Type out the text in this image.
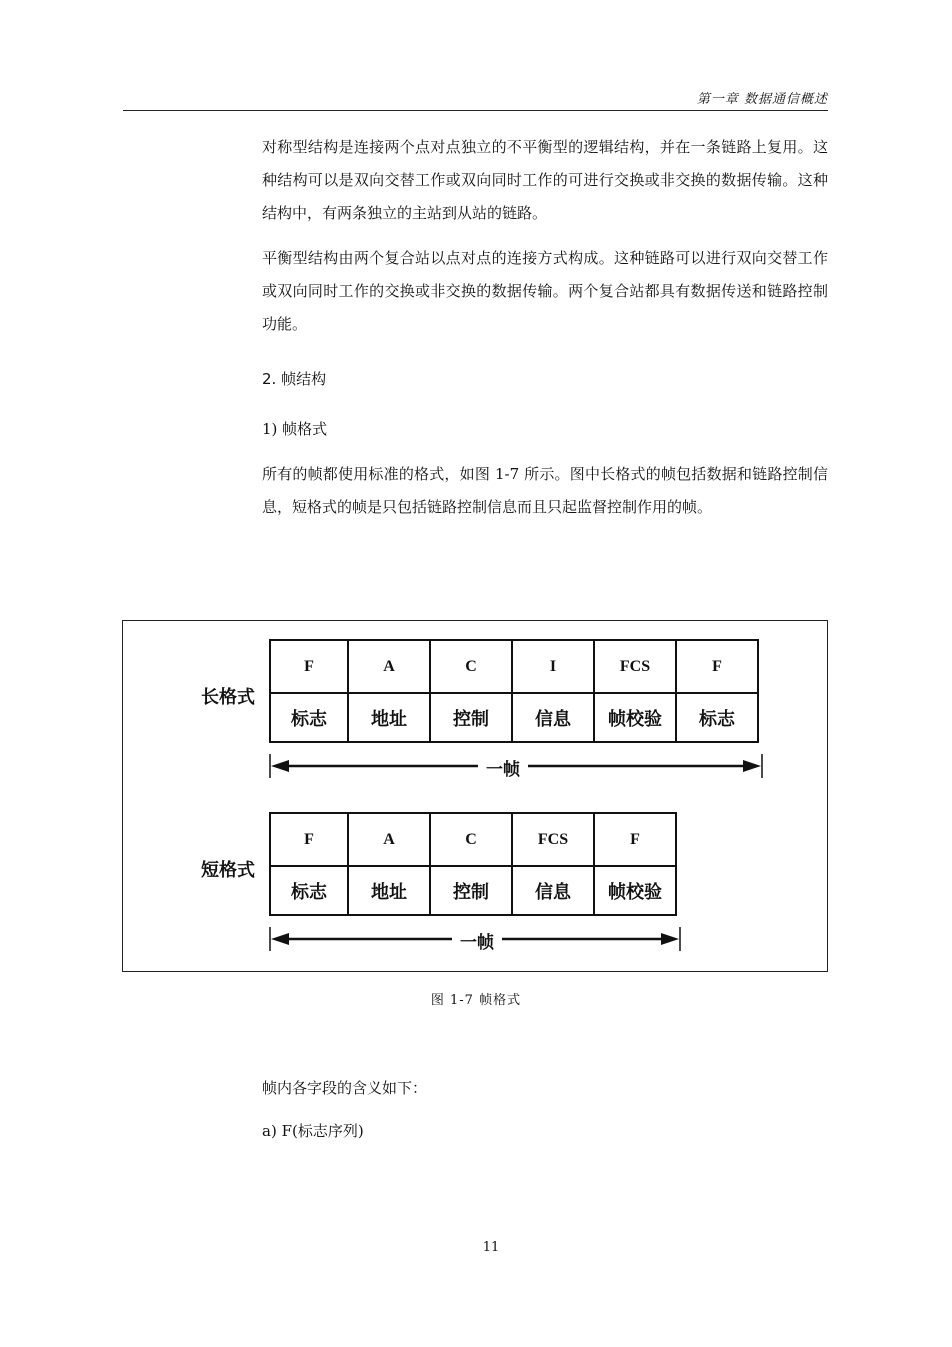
第一章 数据通信概述

对称型结构是连接两个点对点独立的不平衡型的逻辑结构，并在一条链路上复用。这种结构可以是双向交替工作或双向同时工作的可进行交换或非交换的数据传输。这种结构中，有两条独立的主站到从站的链路。

平衡型结构由两个复合站以点对点的连接方式构成。这种链路可以进行双向交替工作或双向同时工作的交换或非交换的数据传输。两个复合站都具有数据传送和链路控制功能。

2. 帧结构
1) 帧格式

所有的帧都使用标准的格式，如图 1-7 所示。图中长格式的帧包括数据和链路控制信息，短格式的帧是只包括链路控制信息而且只起监督控制作用的帧。

长格式
F	A	C	I	FCS	F
标志	地址	控制	信息	帧校验	标志
一帧
短格式
F	A	C	FCS	F
标志	地址	控制	信息	帧校验
一帧
图 1-7 帧格式

帧内各字段的含义如下：

a) F(标志序列)
11
